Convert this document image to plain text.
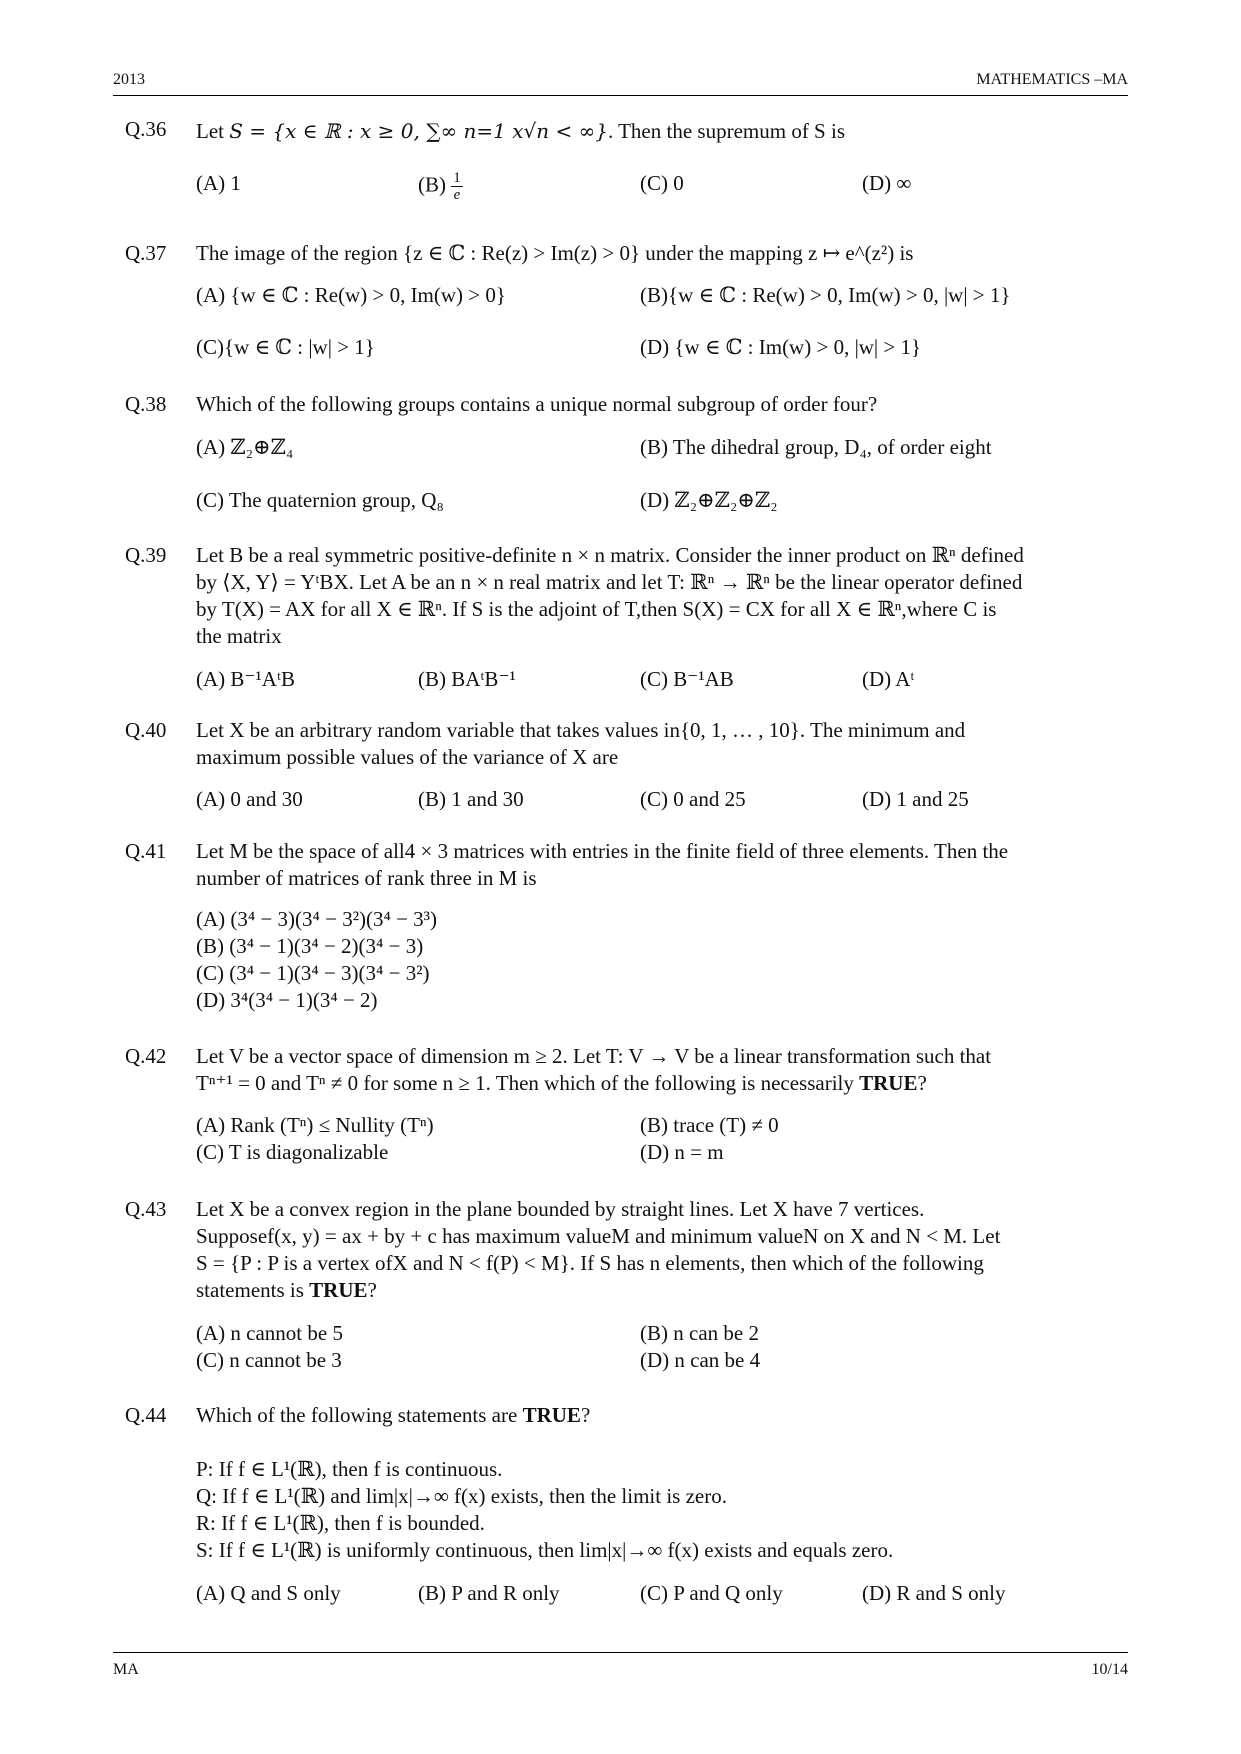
2013	MATHEMATICS –MA
Q.36 Let S = {x ∈ ℝ : x ≥ 0, ∑∞ n=1 x√n < ∞}. Then the supremum of S is
(A) 1	$(B) \frac{1}{e}$	(C) 0	(D) ∞
Q.37 The image of the region {z ∈ ℂ : Re(z) > Im(z) > 0} under the mapping z ↦ e^(z²) is
(A) {w ∈ ℂ : Re(w) > 0, Im(w) > 0}	(B){w ∈ ℂ : Re(w) > 0, Im(w) > 0, |w| > 1}
(C){w ∈ ℂ : |w| > 1}	(D) {w ∈ ℂ : Im(w) > 0, |w| > 1}
Q.38 Which of the following groups contains a unique normal subgroup of order four?
(A) ℤ₂⊕ℤ₄	(B) The dihedral group, D₄, of order eight
(C) The quaternion group, Q₈	(D) ℤ₂⊕ℤ₂⊕ℤ₂
Q.39 Let B be a real symmetric positive-definite n × n matrix. Consider the inner product on ℝⁿ defined
by ⟨X, Y⟩ = YᵗBX. Let A be an n × n real matrix and let T: ℝⁿ → ℝⁿ be the linear operator defined
by T(X) = AX for all X ∈ ℝⁿ. If S is the adjoint of T,then S(X) = CX for all X ∈ ℝⁿ,where C is
the matrix
(A) B⁻¹AᵗB	(B) BAᵗB⁻¹	(C) B⁻¹AB	(D) Aᵗ
Q.40 Let X be an arbitrary random variable that takes values in{0, 1, … , 10}. The minimum and
maximum possible values of the variance of X are
(A) 0 and 30	(B) 1 and 30	(C) 0 and 25	(D) 1 and 25
Q.41 Let M be the space of all4 × 3 matrices with entries in the finite field of three elements. Then the
number of matrices of rank three in M is
(A) (3⁴ − 3)(3⁴ − 3²)(3⁴ − 3³)
(B) (3⁴ − 1)(3⁴ − 2)(3⁴ − 3)
(C) (3⁴ − 1)(3⁴ − 3)(3⁴ − 3²)
(D) 3⁴(3⁴ − 1)(3⁴ − 2)
Q.42 Let V be a vector space of dimension m ≥ 2. Let T: V → V be a linear transformation such that
Tⁿ⁺¹ = 0 and Tⁿ ≠ 0 for some n ≥ 1. Then which of the following is necessarily TRUE?
(A) Rank (Tⁿ) ≤ Nullity (Tⁿ)	(B) trace (T) ≠ 0
(C) T is diagonalizable	(D) n = m
Q.43 Let X be a convex region in the plane bounded by straight lines. Let X have 7 vertices.
Supposef(x, y) = ax + by + c has maximum valueM and minimum valueN on X and N < M. Let
S = {P : P is a vertex ofX and N < f(P) < M}. If S has n elements, then which of the following
statements is TRUE?
(A) n cannot be 5	(B) n can be 2
(C) n cannot be 3	(D) n can be 4
Q.44 Which of the following statements are TRUE?
P: If f ∈ L¹(ℝ), then f is continuous.
Q: If f ∈ L¹(ℝ) and lim|x|→∞ f(x) exists, then the limit is zero.
R: If f ∈ L¹(ℝ), then f is bounded.
S: If f ∈ L¹(ℝ) is uniformly continuous, then lim|x|→∞ f(x) exists and equals zero.
(A) Q and S only	(B) P and R only	(C) P and Q only	(D) R and S only
MA	10/14
